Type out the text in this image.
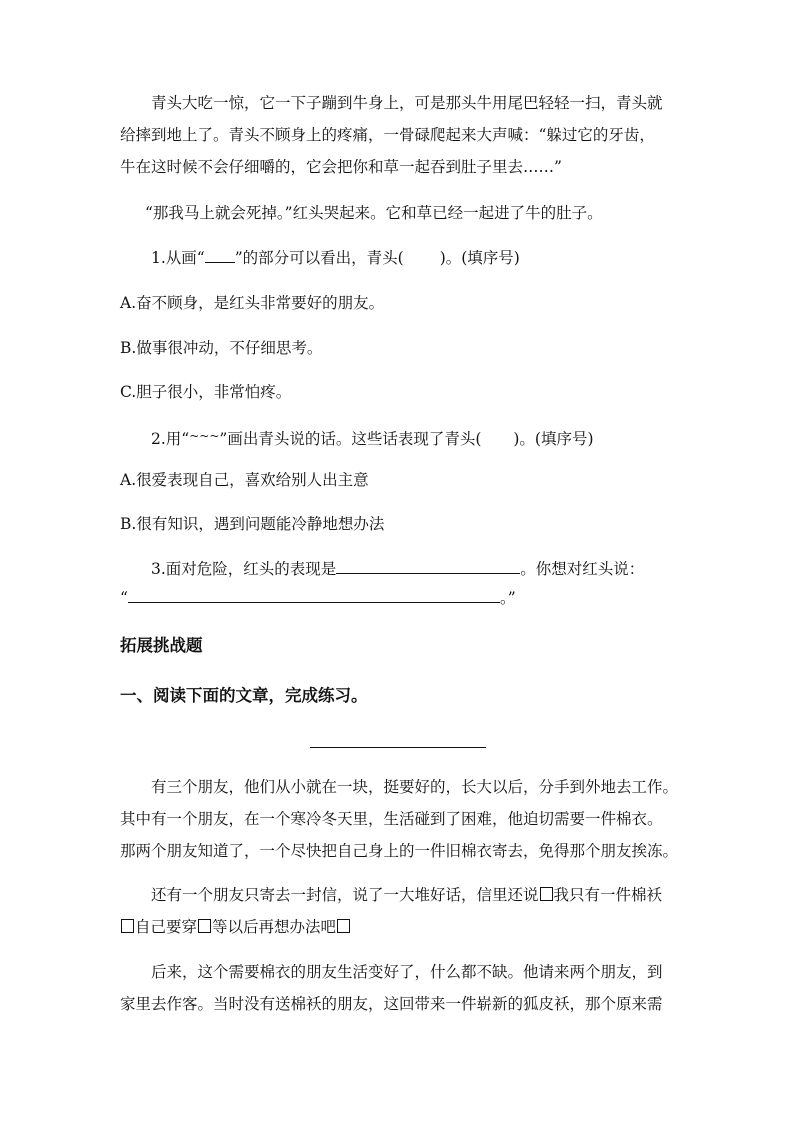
青头大吃一惊，它一下子蹦到牛身上，可是那头牛用尾巴轻轻一扫，青头就
给摔到地上了。青头不顾身上的疼痛，一骨碌爬起来大声喊：“躲过它的牙齿，
牛在这时候不会仔细嚼的，它会把你和草一起吞到肚子里去……”
“那我马上就会死掉。”红头哭起来。它和草已经一起进了牛的肚子。
1.从画“ ”的部分可以看出，青头( )。(填序号)
A.奋不顾身，是红头非常要好的朋友。
B.做事很冲动，不仔细思考。
C.胆子很小，非常怕疼。
2.用“~~~”画出青头说的话。这些话表现了青头( )。(填序号)
A.很爱表现自己，喜欢给别人出主意
B.很有知识，遇到问题能冷静地想办法
3.面对危险，红头的表现是	。你想对红头说：
“	。”
拓展挑战题
一、阅读下面的文章，完成练习。
有三个朋友，他们从小就在一块，挺要好的，长大以后，分手到外地去工作。
其中有一个朋友，在一个寒冷冬天里，生活碰到了困难，他迫切需要一件棉衣。
那两个朋友知道了，一个尽快把自己身上的一件旧棉衣寄去，免得那个朋友挨冻。
还有一个朋友只寄去一封信，说了一大堆好话，信里还说 我只有一件棉袄
自己要穿 等以后再想办法吧
后来，这个需要棉衣的朋友生活变好了，什么都不缺。他请来两个朋友，到
家里去作客。当时没有送棉袄的朋友，这回带来一件崭新的狐皮袄，那个原来需
